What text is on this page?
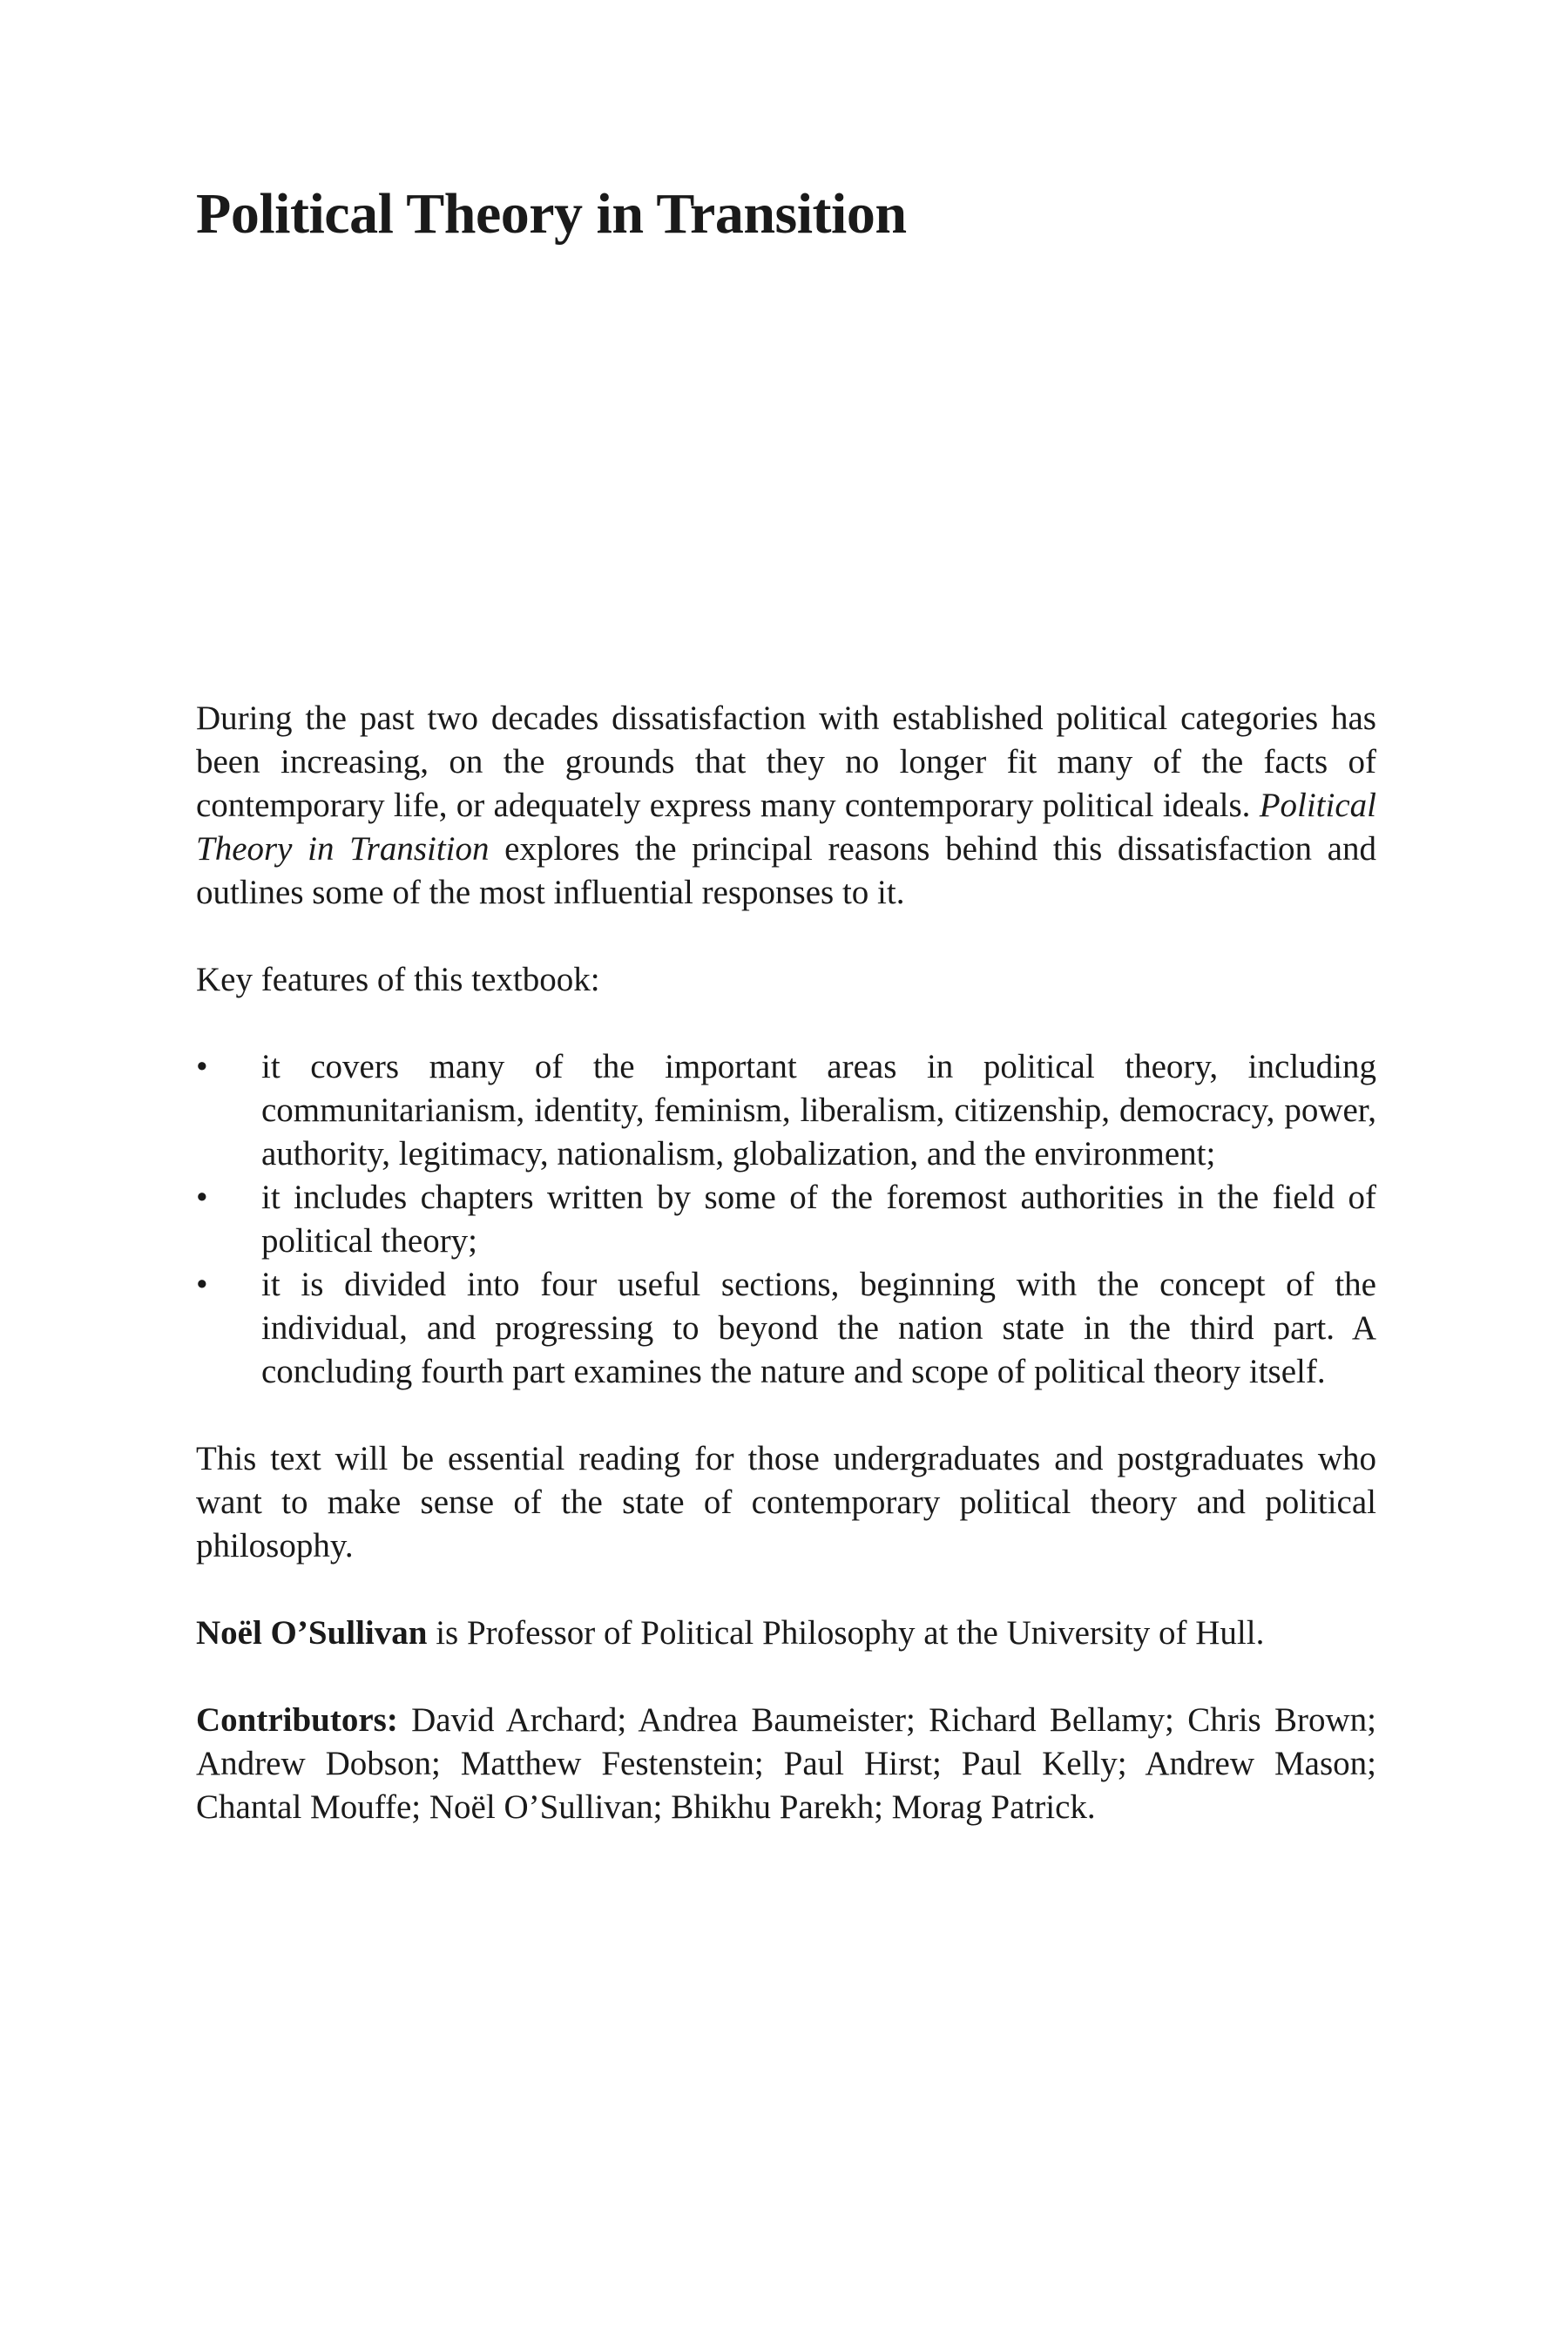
Political Theory in Transition

During the past two decades dissatisfaction with established political categories has been increasing, on the grounds that they no longer fit many of the facts of contemporary life, or adequately express many contemporary political ideals. Political Theory in Transition explores the principal reasons behind this dissatisfaction and outlines some of the most influential responses to it.

Key features of this textbook:

• it covers many of the important areas in political theory, including communitarianism, identity, feminism, liberalism, citizenship, democracy, power, authority, legitimacy, nationalism, globalization, and the environment;
• it includes chapters written by some of the foremost authorities in the field of political theory;
• it is divided into four useful sections, beginning with the concept of the individual, and progressing to beyond the nation state in the third part. A concluding fourth part examines the nature and scope of political theory itself.

This text will be essential reading for those undergraduates and postgraduates who want to make sense of the state of contemporary political theory and political philosophy.

Noël O’Sullivan is Professor of Political Philosophy at the University of Hull.

Contributors: David Archard; Andrea Baumeister; Richard Bellamy; Chris Brown; Andrew Dobson; Matthew Festenstein; Paul Hirst; Paul Kelly; Andrew Mason; Chantal Mouffe; Noël O’Sullivan; Bhikhu Parekh; Morag Patrick.
